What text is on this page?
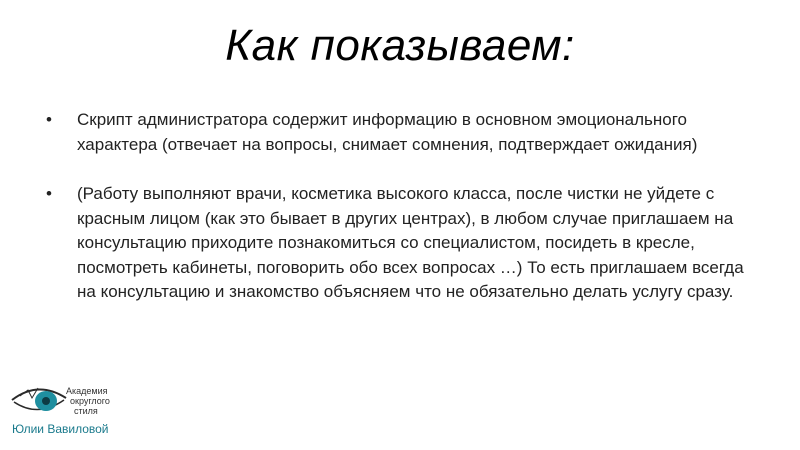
Как показываем:
• Скрипт администратора содержит информацию в основном эмоционального характера (отвечает на вопросы, снимает сомнения, подтверждает ожидания)
• (Работу выполняют врачи, косметика высокого класса, после чистки не уйдете с красным лицом (как это бывает в других центрах), в любом случае приглашаем на консультацию приходите познакомиться со специалистом, посидеть в кресле, посмотреть кабинеты, поговорить обо всех вопросах …) То есть приглашаем всегда на консультацию и знакомство объясняем что не обязательно делать услугу сразу.
Академия
округлого
стиля
Юлии Вавиловой
